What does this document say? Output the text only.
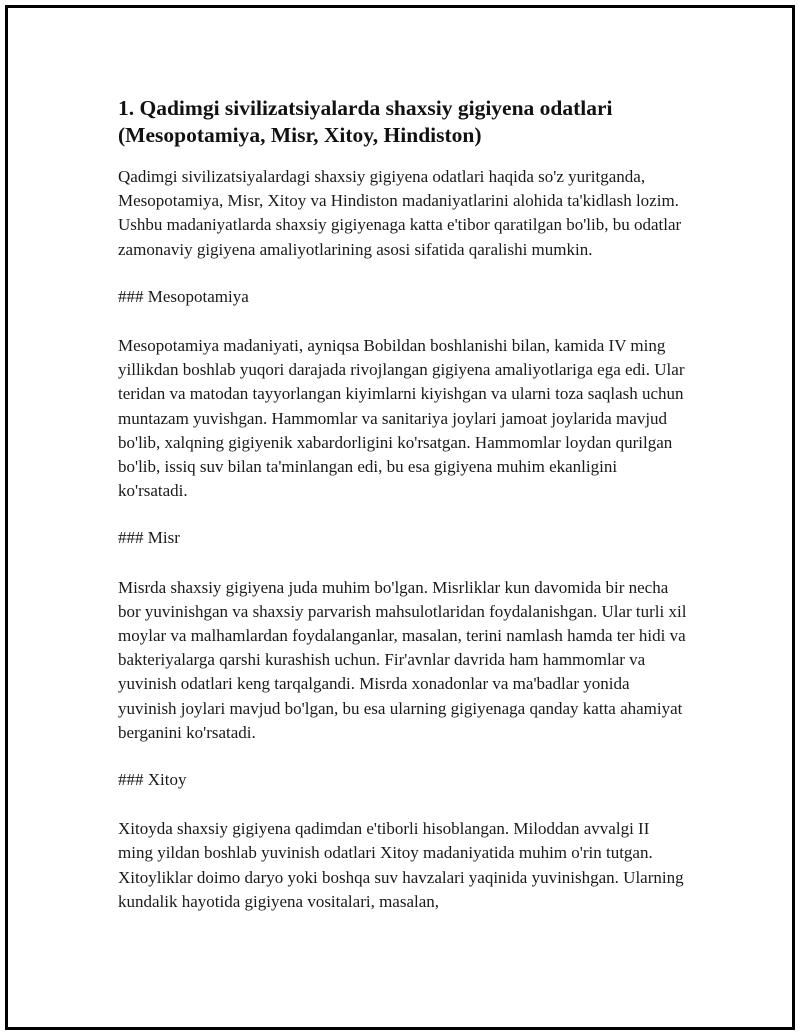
1. Qadimgi sivilizatsiyalarda shaxsiy gigiyena odatlari (Mesopotamiya, Misr, Xitoy, Hindiston)

Qadimgi sivilizatsiyalardagi shaxsiy gigiyena odatlari haqida so'z yuritganda, Mesopotamiya, Misr, Xitoy va Hindiston madaniyatlarini alohida ta'kidlash lozim. Ushbu madaniyatlarda shaxsiy gigiyenaga katta e'tibor qaratilgan bo'lib, bu odatlar zamonaviy gigiyena amaliyotlarining asosi sifatida qaralishi mumkin.

### Mesopotamiya

Mesopotamiya madaniyati, ayniqsa Bobildan boshlanishi bilan, kamida IV ming yillikdan boshlab yuqori darajada rivojlangan gigiyena amaliyotlariga ega edi. Ular teridan va matodan tayyorlangan kiyimlarni kiyishgan va ularni toza saqlash uchun muntazam yuvishgan. Hammomlar va sanitariya joylari jamoat joylarida mavjud bo'lib, xalqning gigiyenik xabardorligini ko'rsatgan. Hammomlar loydan qurilgan bo'lib, issiq suv bilan ta'minlangan edi, bu esa gigiyena muhim ekanligini ko'rsatadi.

### Misr

Misrda shaxsiy gigiyena juda muhim bo'lgan. Misrliklar kun davomida bir necha bor yuvinishgan va shaxsiy parvarish mahsulotlaridan foydalanishgan. Ular turli xil moylar va malhamlardan foydalanganlar, masalan, terini namlash hamda ter hidi va bakteriyalarga qarshi kurashish uchun. Fir'avnlar davrida ham hammomlar va yuvinish odatlari keng tarqalgandi. Misrda xonadonlar va ma'badlar yonida yuvinish joylari mavjud bo'lgan, bu esa ularning gigiyenaga qanday katta ahamiyat berganini ko'rsatadi.

### Xitoy

Xitoyda shaxsiy gigiyena qadimdan e'tiborli hisoblangan. Miloddan avvalgi II ming yildan boshlab yuvinish odatlari Xitoy madaniyatida muhim o'rin tutgan. Xitoyliklar doimo daryo yoki boshqa suv havzalari yaqinida yuvinishgan. Ularning kundalik hayotida gigiyena vositalari, masalan,
